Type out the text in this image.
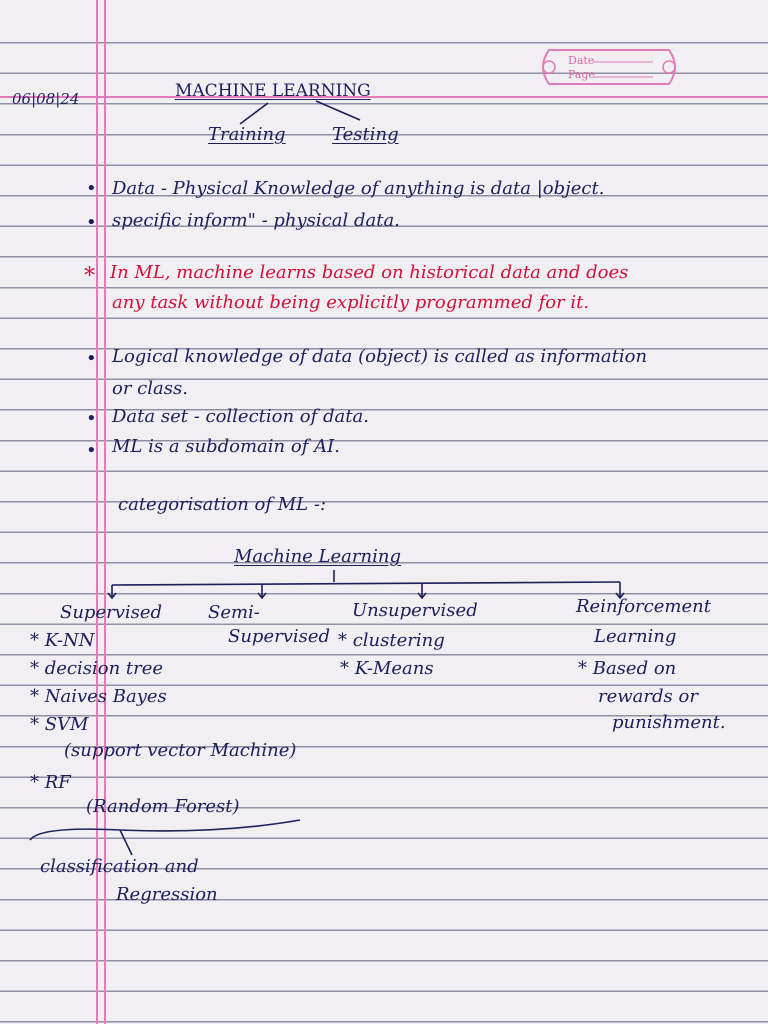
Date
Page
06|08|24	MACHINE LEARNING
Training	Testing
• Data - Physical Knowledge of anything is data |object.
• specific inform" - physical data.
* In ML, machine learns based on historical data and does
any task without being explicitly programmed for it.
• Logical knowledge of data (object) is called as information
or class.
• Data set - collection of data.
• ML is a subdomain of AI.
categorisation of ML -:
Machine Learning
Supervised	Semi-
Supervised
Unsupervised	Reinforcement
Learning
* K-NN
* decision tree
* Naives Bayes
* SVM
(support vector Machine)
* RF
(Random Forest)
* clustering
* K-Means	* Based on
rewards or
punishment.
classification and
Regression
